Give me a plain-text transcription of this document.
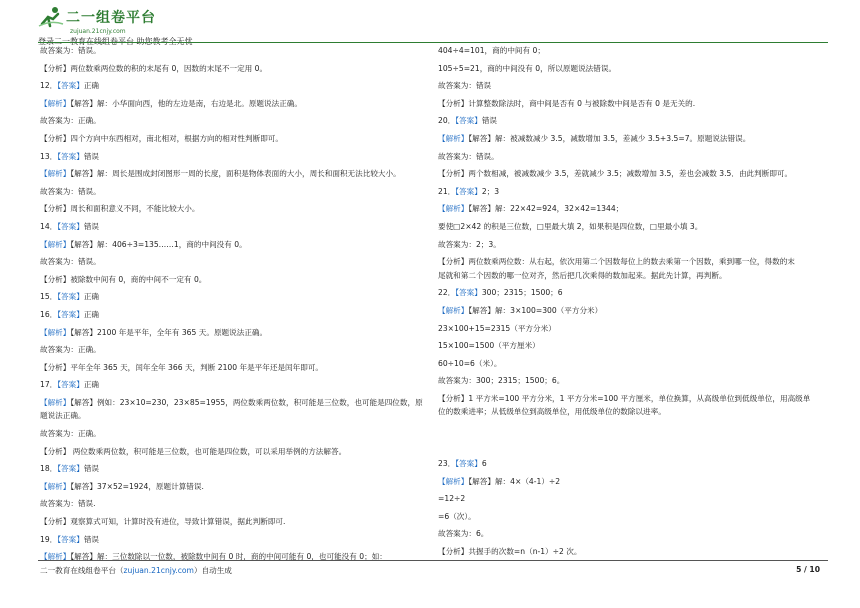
二一组卷平台
zujuan.21cnjy.com
登录二一教育在线组卷平台 助您教考全无忧
故答案为：错误。
【分析】两位数乘两位数的积的末尾有 0，因数的末尾不一定用 0。
12．【答案】正确
【解析】【解答】解：小华面向西，他的左边是南，右边是北。原题说法正确。
故答案为：正确。
【分析】四个方向中东西相对，南北相对，根据方向的相对性判断即可。
13．【答案】错误
【解析】【解答】解：周长是围成封闭图形一周的长度，面积是物体表面的大小，周长和面积无法比较大小。
故答案为：错误。
【分析】周长和面积意义不同，不能比较大小。
14．【答案】错误
【解析】【解答】解：406÷3=135……1，商的中间没有 0。
故答案为：错误。
【分析】被除数中间有 0，商的中间不一定有 0。
15．【答案】正确
16．【答案】正确
【解析】【解答】2100 年是平年，全年有 365 天。原题说法正确。
故答案为：正确。
【分析】平年全年 365 天，闰年全年 366 天，判断 2100 年是平年还是闰年即可。
17．【答案】正确
【解析】【解答】例如：23×10=230，23×85=1955，两位数乘两位数，积可能是三位数，也可能是四位数，原
题说法正确。
故答案为：正确。
【分析】 两位数乘两位数，积可能是三位数，也可能是四位数，可以采用举例的方法解答。
18．【答案】错误
【解析】【解答】37×52=1924，原题计算错误.
故答案为：错误.
【分析】观察算式可知，计算时没有进位，导致计算错误，据此判断即可.
19．【答案】错误
【解析】【解答】解：三位数除以一位数，被除数中间有 0 时，商的中间可能有 0，也可能没有 0；如：
404÷4=101，商的中间有 0；
105÷5=21，商的中间没有 0，所以原题说法错误。
故答案为：错误
【分析】计算整数除法时，商中间是否有 0 与被除数中间是否有 0 是无关的.
20．【答案】错误
【解析】【解答】解：被减数减少 3.5，减数增加 3.5，差减少 3.5+3.5=7。原题说法错误。
故答案为：错误。
【分析】两个数相减，被减数减少 3.5，差就减少 3.5；减数增加 3.5，差也会减数 3.5．由此判断即可。
21．【答案】2；3
【解析】【解答】解：22×42=924，32×42=1344；
要使□2×42 的积是三位数，□里最大填 2，如果积是四位数，□里最小填 3。
故答案为：2；3。
【分析】两位数乘两位数：从右起，依次用第二个因数每位上的数去乘第一个因数，乘到哪一位，得数的末
尾就和第二个因数的哪一位对齐，然后把几次乘得的数加起来。据此先计算，再判断。
22．【答案】300；2315；1500；6
【解析】【解答】解：3×100=300（平方分米）
23×100+15=2315（平方分米）
15×100=1500（平方厘米）
60÷10=6（米）。
故答案为：300；2315；1500；6。
【分析】1 平方米=100 平方分米，1 平方分米=100 平方厘米，单位换算，从高级单位到低级单位，用高级单
位的数乘进率；从低级单位到高级单位，用低级单位的数除以进率。
23．【答案】6
【解析】【解答】解：4×（4-1）÷2
=12÷2
=6（次）。
故答案为：6。
【分析】共握手的次数=n（n-1）÷2 次。
二一教育在线组卷平台（zujuan.21cnjy.com）自动生成	5 / 10
